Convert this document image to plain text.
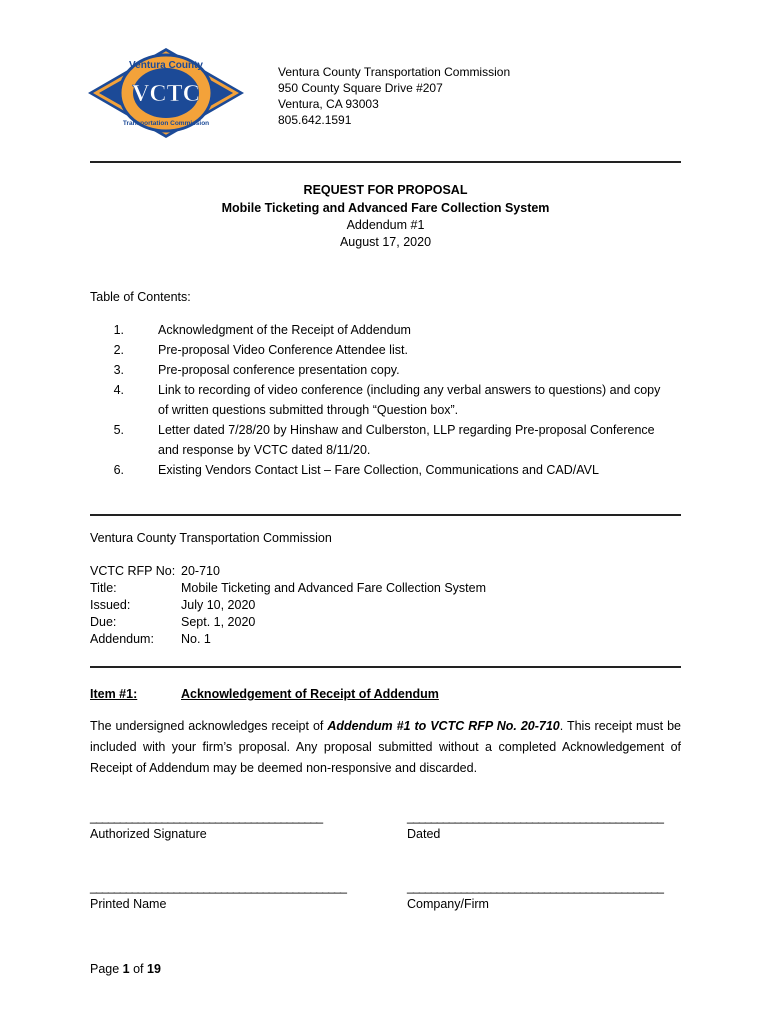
Ventura County
VCTC
Transportation Commission
Ventura County Transportation Commission
950 County Square Drive #207
Ventura, CA 93003
805.642.1591
REQUEST FOR PROPOSAL
Mobile Ticketing and Advanced Fare Collection System
Addendum #1
August 17, 2020
Table of Contents:
1.	Acknowledgment of the Receipt of Addendum
2.	Pre-proposal Video Conference Attendee list.
3.	Pre-proposal conference presentation copy.
4.	Link to recording of video conference (including any verbal answers to questions) and copy
of written questions submitted through “Question box”.
5.	Letter dated 7/28/20 by Hinshaw and Culberston, LLP regarding Pre-proposal Conference
and response by VCTC dated 8/11/20.
6.	Existing Vendors Contact List – Fare Collection, Communications and CAD/AVL
Ventura County Transportation Commission
VCTC RFP No: 20-710
Title:	Mobile Ticketing and Advanced Fare Collection System
Issued:	July 10, 2020
Due:	Sept. 1, 2020
Addendum: No. 1
Item #1:	Acknowledgement of Receipt of Addendum
The undersigned acknowledges receipt of Addendum #1 to VCTC RFP No. 20-710. This receipt must be included with your firm’s proposal. Any proposal submitted without a completed Acknowledgement of Receipt of Addendum may be deemed non-responsive and discarded.
_______________________________________	___________________________________________
Authorized Signature	Dated
___________________________________________	___________________________________________
Printed Name	Company/Firm
Page 1 of 19
